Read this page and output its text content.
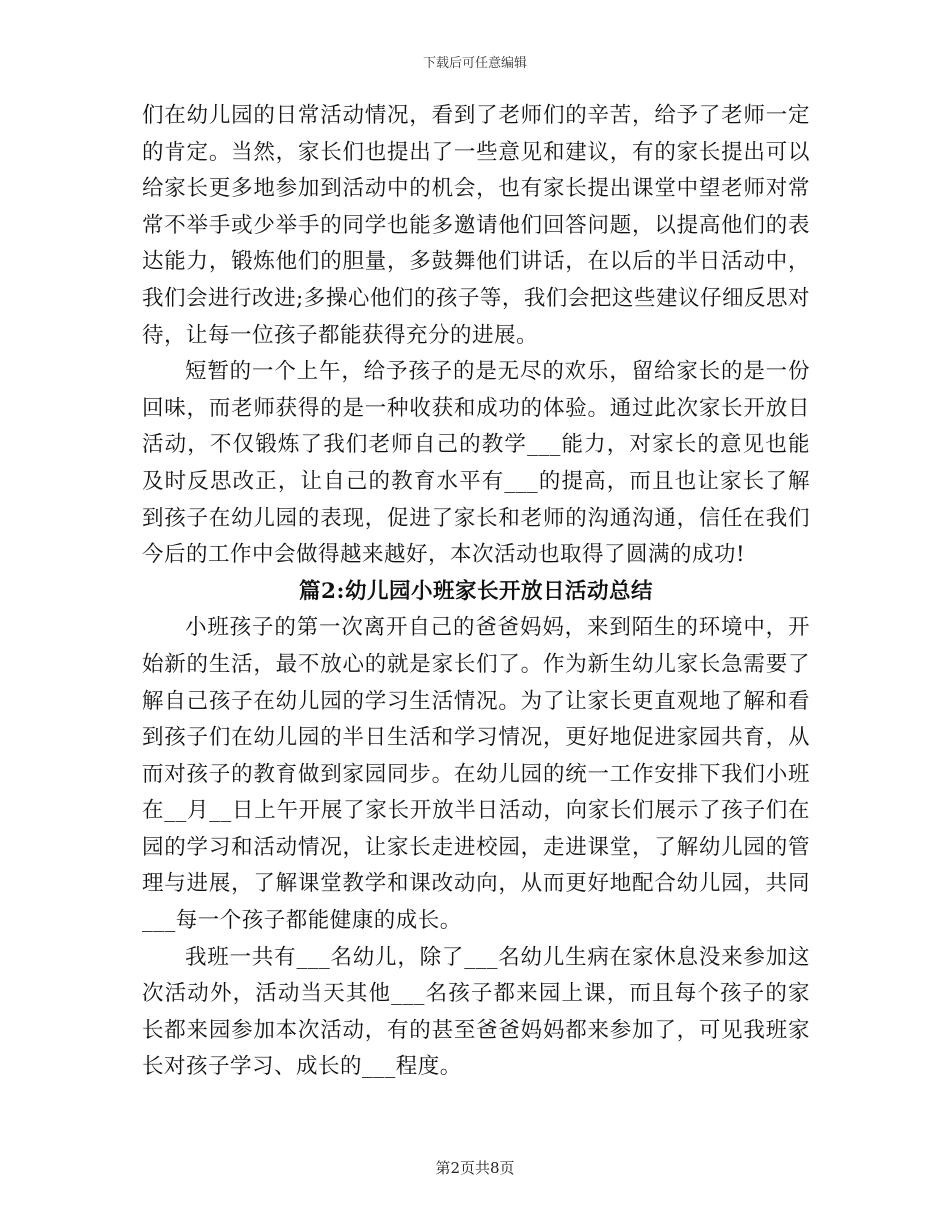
下载后可任意编辑

们在幼儿园的日常活动情况，看到了老师们的辛苦，给予了老师一定的肯定。当然，家长们也提出了一些意见和建议，有的家长提出可以给家长更多地参加到活动中的机会，也有家长提出课堂中望老师对常常不举手或少举手的同学也能多邀请他们回答问题，以提高他们的表达能力，锻炼他们的胆量，多鼓舞他们讲话，在以后的半日活动中，我们会进行改进;多操心他们的孩子等，我们会把这些建议仔细反思对待，让每一位孩子都能获得充分的进展。

短暂的一个上午，给予孩子的是无尽的欢乐，留给家长的是一份回味，而老师获得的是一种收获和成功的体验。通过此次家长开放日活动，不仅锻炼了我们老师自己的教学___能力，对家长的意见也能及时反思改正，让自己的教育水平有___的提高，而且也让家长了解到孩子在幼儿园的表现，促进了家长和老师的沟通沟通，信任在我们今后的工作中会做得越来越好，本次活动也取得了圆满的成功!

篇2:幼儿园小班家长开放日活动总结

小班孩子的第一次离开自己的爸爸妈妈，来到陌生的环境中，开始新的生活，最不放心的就是家长们了。作为新生幼儿家长急需要了解自己孩子在幼儿园的学习生活情况。为了让家长更直观地了解和看到孩子们在幼儿园的半日生活和学习情况，更好地促进家园共育，从而对孩子的教育做到家园同步。在幼儿园的统一工作安排下我们小班在__月__日上午开展了家长开放半日活动，向家长们展示了孩子们在园的学习和活动情况，让家长走进校园，走进课堂，了解幼儿园的管理与进展，了解课堂教学和课改动向，从而更好地配合幼儿园，共同___每一个孩子都能健康的成长。

我班一共有___名幼儿，除了___名幼儿生病在家休息没来参加这次活动外，活动当天其他___名孩子都来园上课，而且每个孩子的家长都来园参加本次活动，有的甚至爸爸妈妈都来参加了，可见我班家长对孩子学习、成长的___程度。

第2页共8页
